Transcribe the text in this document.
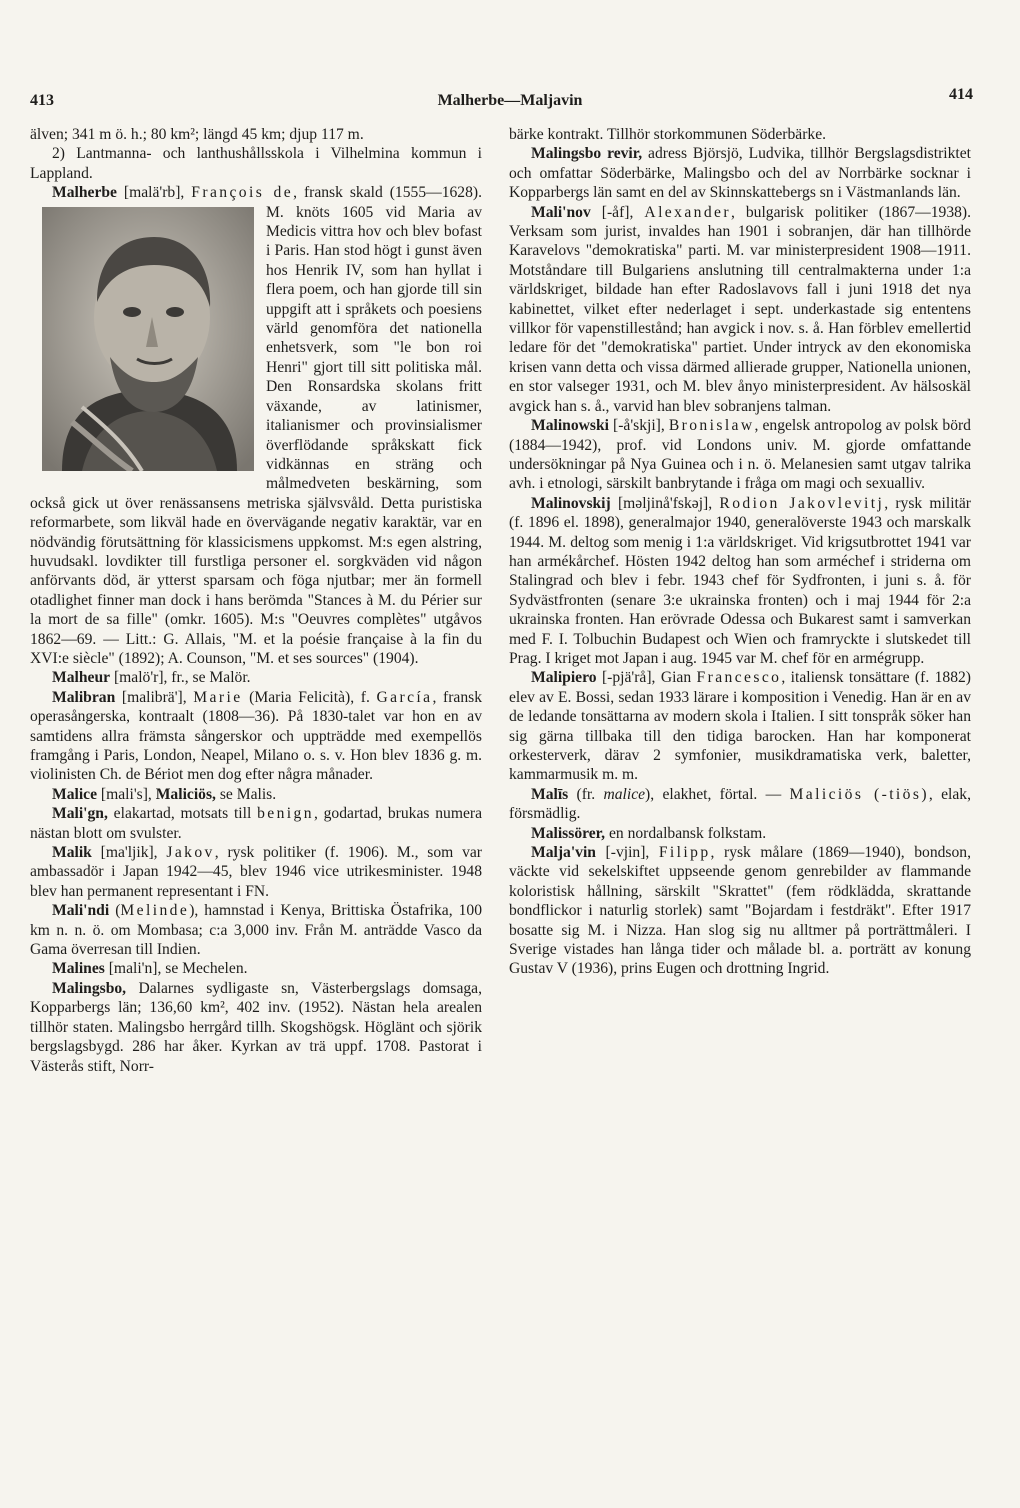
413	Malherbe—Maljavin	414

älven; 341 m ö. h.; 80 km²; längd 45 km; djup 117 m.

2) Lantmanna- och lanthushållsskola i Vilhelmina kommun i Lappland.

Malherbe [malä'rb], François de
, fransk skald (1555—1628). M. knöts 1605 vid Maria av Medicis vittra hov och blev bofast i Paris. Han stod högt i gunst även hos Henrik IV, som han hyllat i flera poem, och han gjorde till sin uppgift att i språkets och poesiens värld genomföra det nationella enhetsverk, som "le bon roi Henri" gjort till sitt politiska mål. Den Ronsardska skolans fritt växande, av latinismer, italianismer och provinsialismer överflödande språkskatt fick vidkännas en sträng och målmedveten beskärning, som också gick ut över renässansens metriska självsvåld. Detta puristiska reformarbete, som likväl hade en övervägande negativ karaktär, var en nödvändig förutsättning för klassicismens uppkomst. M:s egen alstring, huvudsakl. lovdikter till furstliga personer el. sorgkväden vid någon anförvants död, är ytterst sparsam och föga njutbar; mer än formell otadlighet finner man dock i hans berömda "Stances à M. du Périer sur la mort de sa fille" (omkr. 1605). M:s "Oeuvres complètes" utgåvos 1862—69. — Litt.: G. Allais, "M. et la poésie française à la fin du XVI:e siècle" (1892); A. Counson, "M. et ses sources" (1904).

Malheur [malö'r], fr., se Malör.

Malibran [malibrä'], Marie (Maria Felicità), f. García, fransk operasångerska, kontraalt (1808—36). På 1830-talet var hon en av samtidens allra främsta sångerskor och uppträdde med exempellös framgång i Paris, London, Neapel, Milano o. s. v. Hon blev 1836 g. m. violinisten Ch. de Bériot men dog efter några månader.

Malice [mali's], Maliciös, se Malis.

Mali'gn, elakartad, motsats till benign, godartad, brukas numera nästan blott om svulster.

Malik [ma'ljik], Jakov, rysk politiker (f. 1906). M., som var ambassadör i Japan 1942—45, blev 1946 vice utrikesminister. 1948 blev han permanent representant i FN.

Mali'ndi (Melinde), hamnstad i Kenya, Brittiska Östafrika, 100 km n. n. ö. om Mombasa; c:a 3,000 inv. Från M. anträdde Vasco da Gama överresan till Indien.

Malines [mali'n], se Mechelen.

Malingsbo, Dalarnes sydligaste sn, Västerbergslags domsaga, Kopparbergs län; 136,60 km², 402 inv. (1952). Nästan hela arealen tillhör staten. Malingsbo herrgård tillh. Skogshögsk. Höglänt och sjörik bergslagsbygd. 286 har åker. Kyrkan av trä uppf. 1708. Pastorat i Västerås stift, Norr-

bärke kontrakt. Tillhör storkommunen Söderbärke.

Malingsbo revir, adress Björsjö, Ludvika, tillhör Bergslagsdistriktet och omfattar Söderbärke, Malingsbo och del av Norrbärke socknar i Kopparbergs län samt en del av Skinnskattebergs sn i Västmanlands län.

Mali'nov [-åf], Alexander, bulgarisk politiker (1867—1938). Verksam som jurist, invaldes han 1901 i sobranjen, där han tillhörde Karavelovs "demokratiska" parti. M. var ministerpresident 1908—1911. Motståndare till Bulgariens anslutning till centralmakterna under 1:a världskriget, bildade han efter Radoslavovs fall i juni 1918 det nya kabinettet, vilket efter nederlaget i sept. underkastade sig ententens villkor för vapenstillestånd; han avgick i nov. s. å. Han förblev emellertid ledare för det "demokratiska" partiet. Under intryck av den ekonomiska krisen vann detta och vissa därmed allierade grupper, Nationella unionen, en stor valseger 1931, och M. blev ånyo ministerpresident. Av hälsoskäl avgick han s. å., varvid han blev sobranjens talman.

Malinowski [-å'skji], Bronislaw, engelsk antropolog av polsk börd (1884—1942), prof. vid Londons univ. M. gjorde omfattande undersökningar på Nya Guinea och i n. ö. Melanesien samt utgav talrika avh. i etnologi, särskilt banbrytande i fråga om magi och sexualliv.

Malinovskij [məljinå'fskəj], Rodion Jakovlevitj, rysk militär (f. 1896 el. 1898), generalmajor 1940, generalöverste 1943 och marskalk 1944. M. deltog som menig i 1:a världskriget. Vid krigsutbrottet 1941 var han armékårchef. Hösten 1942 deltog han som arméchef i striderna om Stalingrad och blev i febr. 1943 chef för Sydfronten, i juni s. å. för Sydvästfronten (senare 3:e ukrainska fronten) och i maj 1944 för 2:a ukrainska fronten. Han erövrade Odessa och Bukarest samt i samverkan med F. I. Tolbuchin Budapest och Wien och framryckte i slutskedet till Prag. I kriget mot Japan i aug. 1945 var M. chef för en armégrupp.

Malipiero [-pjä'rå], Gian Francesco, italiensk tonsättare (f. 1882) elev av E. Bossi, sedan 1933 lärare i komposition i Venedig. Han är en av de ledande tonsättarna av modern skola i Italien. I sitt tonspråk söker han sig gärna tillbaka till den tidiga barocken. Han har komponerat orkesterverk, därav 2 symfonier, musikdramatiska verk, baletter, kammarmusik m. m.

Malīs (fr. malice), elakhet, förtal. — Maliciös (-tiös), elak, försmädlig.

Malissörer, en nordalbansk folkstam.

Malja'vin [-vjin], Filipp, rysk målare (1869—1940), bondson, väckte vid sekelskiftet uppseende genom genrebilder av flammande koloristisk hållning, särskilt "Skrattet" (fem rödklädda, skrattande bondflickor i naturlig storlek) samt "Bojardam i festdräkt". Efter 1917 bosatte sig M. i Nizza. Han slog sig nu alltmer på porträttmåleri. I Sverige vistades han långa tider och målade bl. a. porträtt av konung Gustav V (1936), prins Eugen och drottning Ingrid.
